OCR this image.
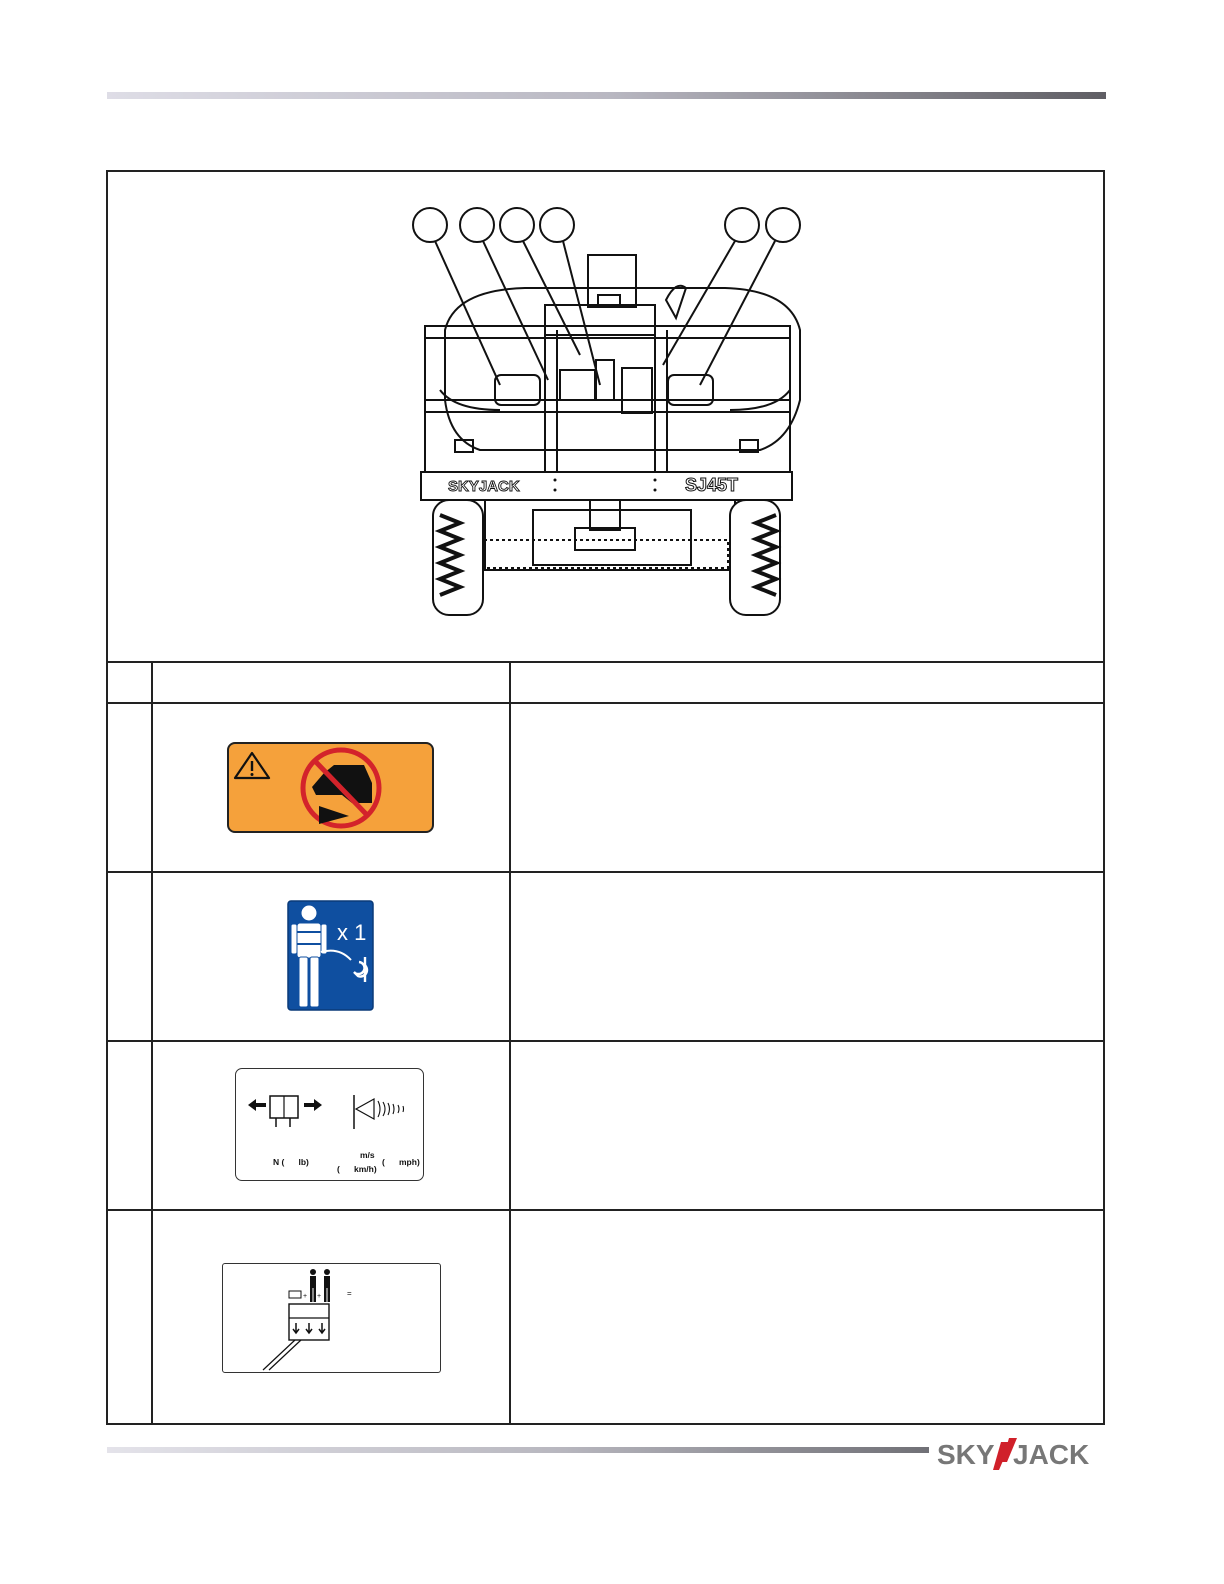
SKYJACK	SJ45T
x 1
N (      lb)
m/s
(      km/h)
(      mph)
+ +	=
SKY JACK
